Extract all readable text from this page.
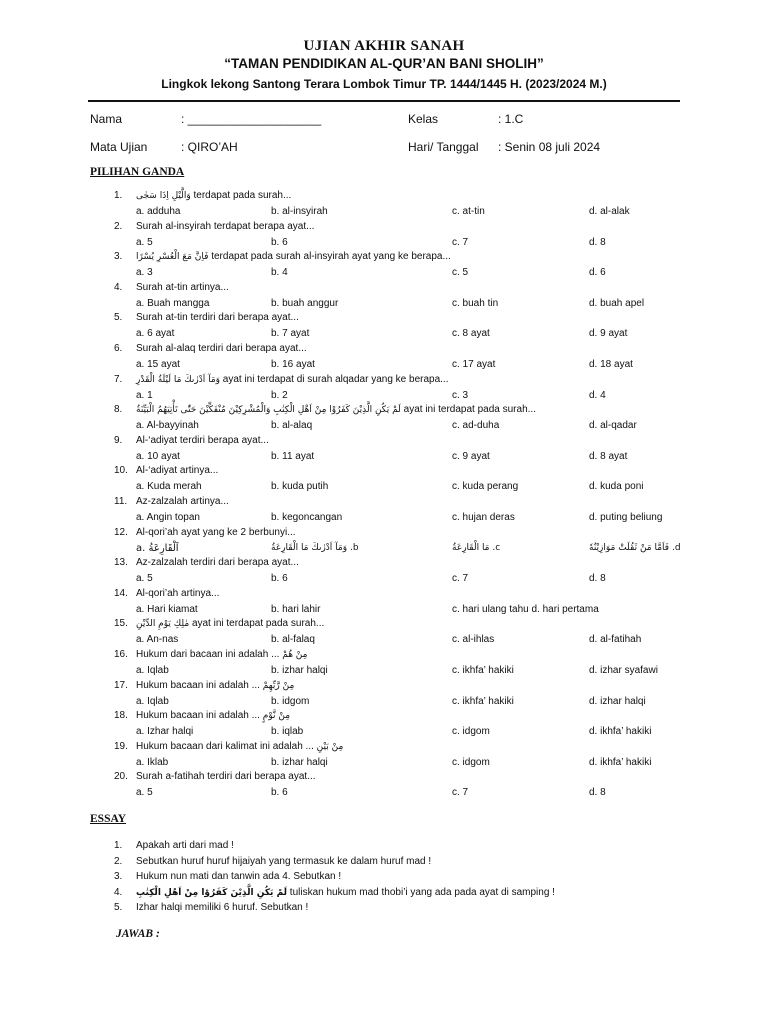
UJIAN AKHIR SANAH
“TAMAN PENDIDIKAN AL-QUR’AN BANI SHOLIH”
Lingkok lekong Santong Terara Lombok Timur TP. 1444/1445 H. (2023/2024 M.)
Nama	: ____________________	Kelas	: 1.C
Mata Ujian	: QIRO’AH	Hari/ Tanggal : Senin 08 juli 2024
PILIHAN GANDA
1. وَالَّيْلِ اِذَا سَجٰى terdapat pada surah...
a. adduha	b. al-insyirah	c. at-tin	d. al-alak
2. Surah al-insyirah terdapat berapa ayat...
a. 5	b. 6	c. 7	d. 8
3. فَاِنَّ مَعَ الْعُسْرِ يُسْرًا terdapat pada surah al-insyirah ayat yang ke berapa...
a. 3	b. 4	c. 5	d. 6
4. Surah at-tin artinya...
a. Buah mangga	b. buah anggur	c. buah tin	d. buah apel
5. Surah at-tin terdiri dari berapa ayat...
a. 6 ayat	b. 7 ayat	c. 8 ayat	d. 9 ayat
6. Surah al-alaq terdiri dari berapa ayat...
a. 15 ayat	b. 16 ayat	c. 17 ayat	d. 18 ayat
7. وَمَآ اَدْرٰىكَ مَا لَيْلَةُ الْقَدْرِ ayat ini terdapat di surah alqadar yang ke berapa...
a. 1	b. 2	c. 3	d. 4
8. لَمْ يَكُنِ الَّذِيْنَ كَفَرُوْا مِنْ اَهْلِ الْكِتٰبِ وَالْمُشْرِكِيْنَ مُنْفَكِّيْنَ حَتّٰى تَأْتِيَهُمُ الْبَيِّنَةُ ayat ini terdapat pada surah...
a. Al-bayyinah	b. al-alaq	c. ad-duha	d. al-qadar
9. Al-‘adiyat terdiri berapa ayat...
a. 10 ayat	b. 11 ayat	c. 9 ayat	d. 8 ayat
10. Al-‘adiyat artinya...
a. Kuda merah	b. kuda putih	c. kuda perang	d. kuda poni
11. Az-zalzalah artinya...
a. Angin topan	b. kegoncangan	c. hujan deras	d. puting beliung
12. Al-qori’ah ayat yang ke 2 berbunyi...
a. اَلْقَارِعَةُ	b. وَمَآ اَدْرٰىكَ مَا الْقَارِعَةُ	c. مَا الْقَارِعَةُ	d. فَاَمَّا مَنْ ثَقُلَتْ مَوَازِيْنُهٗ
13. Az-zalzalah terdiri dari berapa ayat...
a. 5	b. 6	c. 7	d. 8
14. Al-qori’ah artinya...
a. Hari kiamat	b. hari lahir	c. hari ulang tahu d. hari pertama
15. مٰلِكِ يَوْمِ الدِّيْنِ ayat ini terdapat pada surah...
a. An-nas	b. al-falaq	c. al-ihlas	d. al-fatihah
16. Hukum dari bacaan ini adalah ... مِنْ هُمْ
a. Iqlab	b. izhar halqi	c. ikhfa’ hakiki	d. izhar syafawi
17. Hukum bacaan ini adalah ... مِنْ رَّبِّهِمْ
a. Iqlab	b. idgom	c. ikhfa’ hakiki	d. izhar halqi
18. Hukum bacaan ini adalah ... مِنْ نَّوْمٍ
a. Izhar halqi	b. iqlab	c. idgom	d. ikhfa’ hakiki
19. Hukum bacaan dari kalimat ini adalah ... مِنْ بَيْنِ
a. Iklab	b. izhar halqi	c. idgom	d. ikhfa’ hakiki
20. Surah a-fatihah terdiri dari berapa ayat...
a. 5	b. 6	c. 7	d. 8
ESSAY
1. Apakah arti dari mad !
2. Sebutkan huruf huruf hijaiyah yang termasuk ke dalam huruf mad !
3. Hukum nun mati dan tanwin ada 4. Sebutkan !
4. لَمْ يَكُنِ الَّذِيْنَ كَفَرُوْا مِنْ اَهْلِ الْكِتٰبِ tuliskan hukum mad thobi’i yang ada pada ayat di samping !
5. Izhar halqi memiliki 6 huruf. Sebutkan !
JAWAB :
